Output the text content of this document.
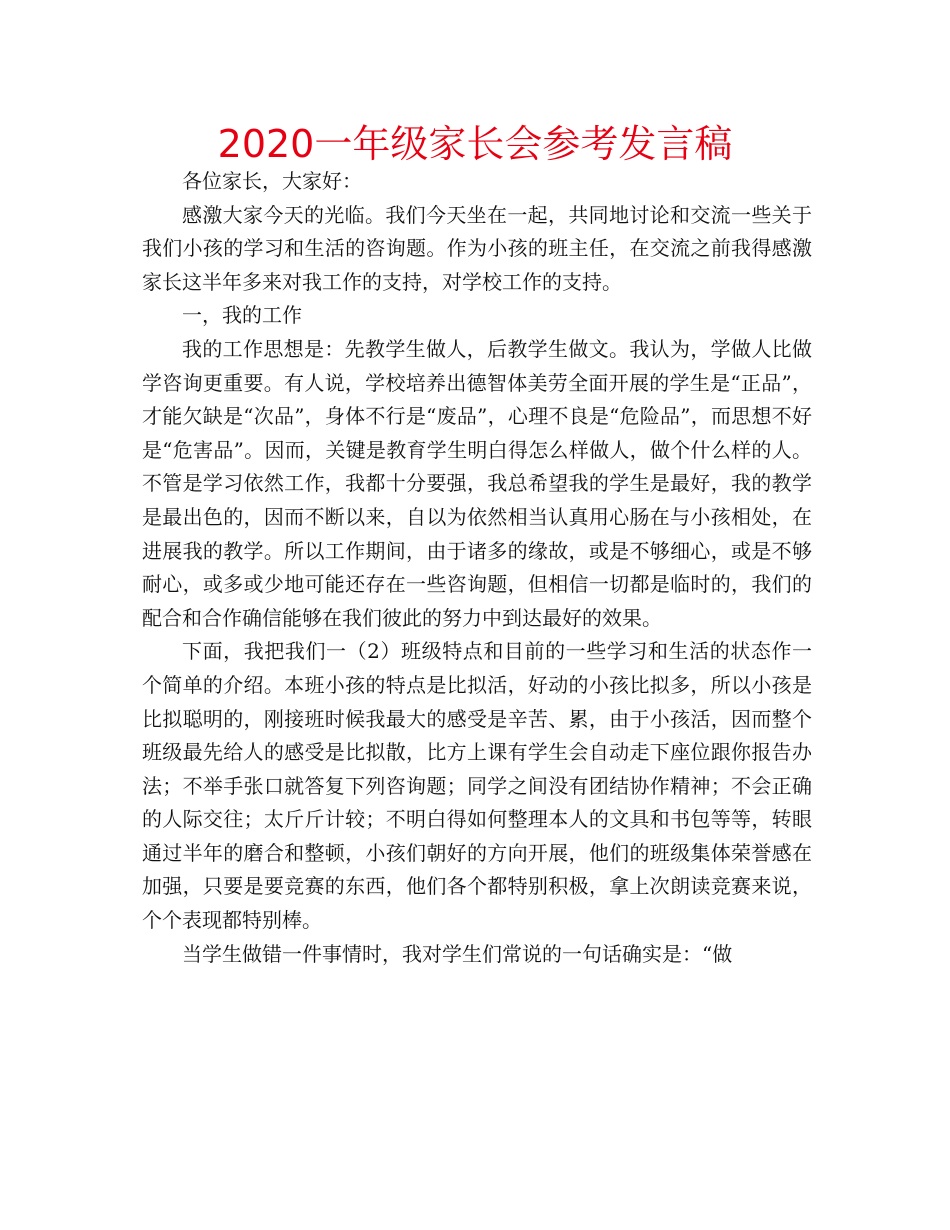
2020一年级家长会参考发言稿

各位家长，大家好：

感激大家今天的光临。我们今天坐在一起，共同地讨论和交流一些关于我们小孩的学习和生活的咨询题。作为小孩的班主任，在交流之前我得感激家长这半年多来对我工作的支持，对学校工作的支持。

一，我的工作

我的工作思想是：先教学生做人，后教学生做文。我认为，学做人比做学咨询更重要。有人说，学校培养出德智体美劳全面开展的学生是“正品”，才能欠缺是“次品”，身体不行是“废品”，心理不良是“危险品”，而思想不好是“危害品”。因而，关键是教育学生明白得怎么样做人，做个什么样的人。不管是学习依然工作，我都十分要强，我总希望我的学生是最好，我的教学是最出色的，因而不断以来，自以为依然相当认真用心肠在与小孩相处，在进展我的教学。所以工作期间，由于诸多的缘故，或是不够细心，或是不够耐心，或多或少地可能还存在一些咨询题，但相信一切都是临时的，我们的配合和合作确信能够在我们彼此的努力中到达最好的效果。

下面，我把我们一（2）班级特点和目前的一些学习和生活的状态作一个简单的介绍。本班小孩的特点是比拟活，好动的小孩比拟多，所以小孩是比拟聪明的，刚接班时候我最大的感受是辛苦、累，由于小孩活，因而整个班级最先给人的感受是比拟散，比方上课有学生会自动走下座位跟你报告办法；不举手张口就答复下列咨询题；同学之间没有团结协作精神；不会正确的人际交往；太斤斤计较；不明白得如何整理本人的文具和书包等等，转眼通过半年的磨合和整顿，小孩们朝好的方向开展，他们的班级集体荣誉感在加强，只要是要竞赛的东西，他们各个都特别积极，拿上次朗读竞赛来说，个个表现都特别棒。

当学生做错一件事情时，我对学生们常说的一句话确实是：“做
